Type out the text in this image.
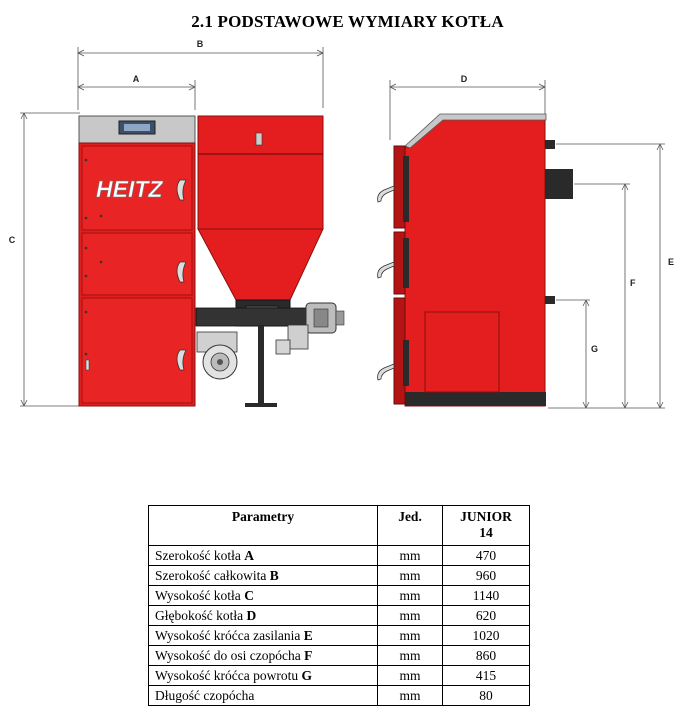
2.1 PODSTAWOWE WYMIARY KOTŁA
B
A
C
HEITZ
D
E
F
G
Parametry	Jed.	JUNIOR
14

Szerokość kotła A	mm	470
Szerokość całkowita B	mm	960
Wysokość kotła C	mm	1140
Głębokość kotła D	mm	620
Wysokość króćca zasilania E	mm	1020
Wysokość do osi czopócha F	mm	860
Wysokość króćca powrotu G	mm	415
Długość czopócha	mm	80
